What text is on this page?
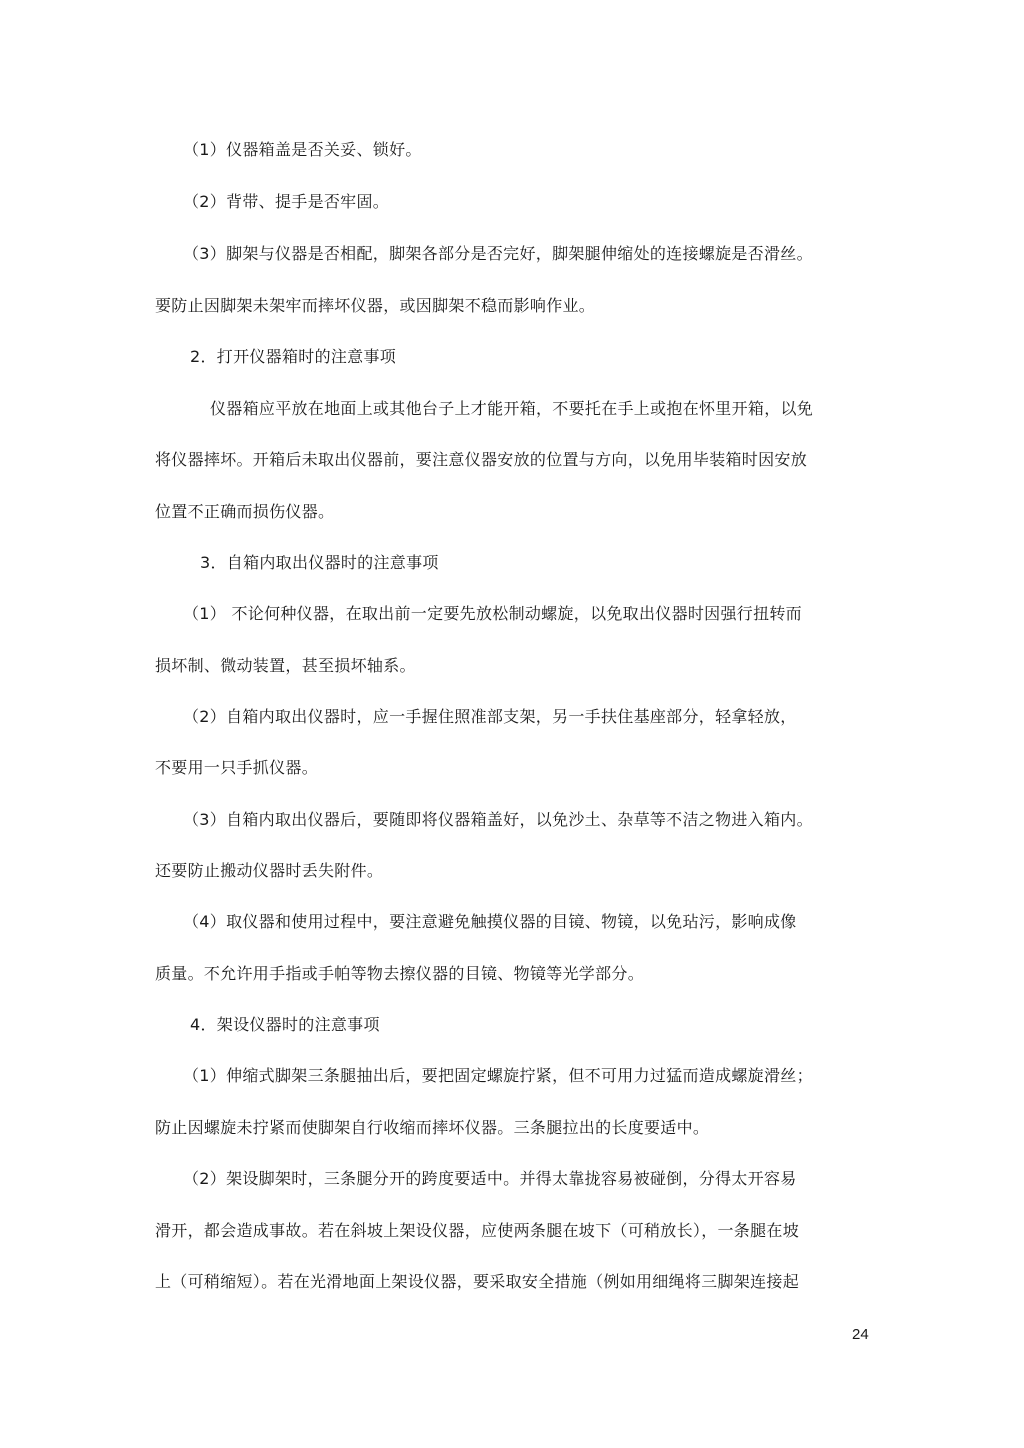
（1）仪器箱盖是否关妥、锁好。
（2）背带、提手是否牢固。
（3）脚架与仪器是否相配，脚架各部分是否完好，脚架腿伸缩处的连接螺旋是否滑丝。
要防止因脚架未架牢而摔坏仪器，或因脚架不稳而影响作业。
2．打开仪器箱时的注意事项
仪器箱应平放在地面上或其他台子上才能开箱，不要托在手上或抱在怀里开箱，以免
将仪器摔坏。开箱后未取出仪器前，要注意仪器安放的位置与方向，以免用毕装箱时因安放
位置不正确而损伤仪器。
3．自箱内取出仪器时的注意事项
（1） 不论何种仪器，在取出前一定要先放松制动螺旋，以免取出仪器时因强行扭转而
损坏制、微动装置，甚至损坏轴系。
（2）自箱内取出仪器时，应一手握住照准部支架，另一手扶住基座部分，轻拿轻放，
不要用一只手抓仪器。
（3）自箱内取出仪器后，要随即将仪器箱盖好，以免沙土、杂草等不洁之物进入箱内。
还要防止搬动仪器时丢失附件。
（4）取仪器和使用过程中，要注意避免触摸仪器的目镜、物镜，以免玷污，影响成像
质量。不允许用手指或手帕等物去擦仪器的目镜、物镜等光学部分。
4．架设仪器时的注意事项
（1）伸缩式脚架三条腿抽出后，要把固定螺旋拧紧，但不可用力过猛而造成螺旋滑丝；
防止因螺旋未拧紧而使脚架自行收缩而摔坏仪器。三条腿拉出的长度要适中。
（2）架设脚架时，三条腿分开的跨度要适中。并得太靠拢容易被碰倒，分得太开容易
滑开，都会造成事故。若在斜坡上架设仪器，应使两条腿在坡下（可稍放长），一条腿在坡
上（可稍缩短）。若在光滑地面上架设仪器，要采取安全措施（例如用细绳将三脚架连接起
24
